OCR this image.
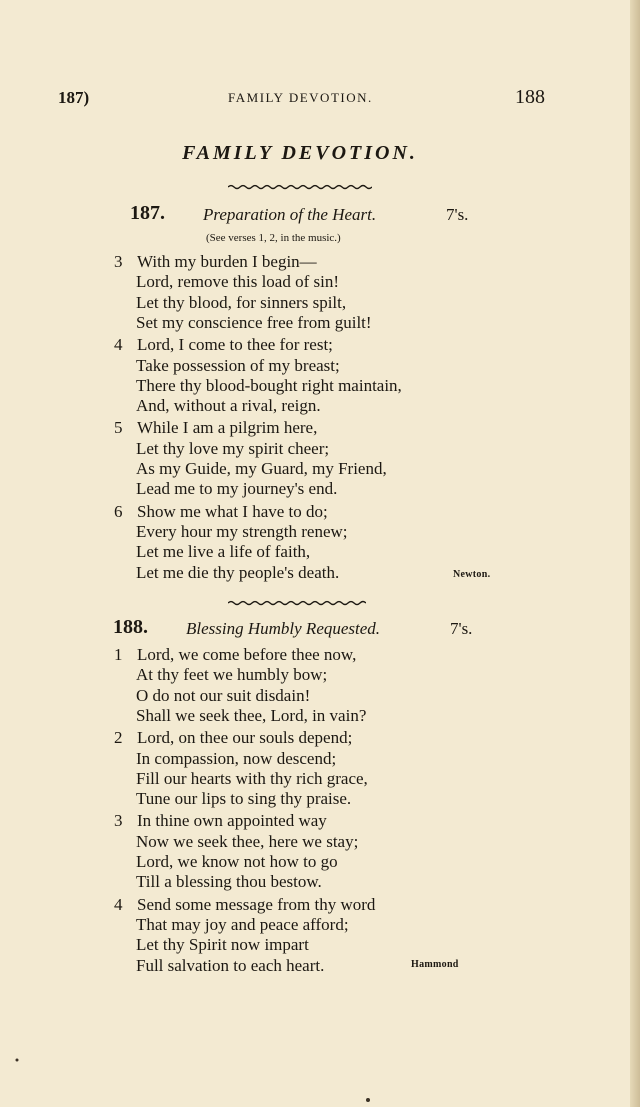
187)	FAMILY DEVOTION.	188
FAMILY DEVOTION.
187. Preparation of the Heart.	7's.
(See verses 1, 2, in the music.)
3 With my burden I begin—
Lord, remove this load of sin!
Let thy blood, for sinners spilt,
Set my conscience free from guilt!
4 Lord, I come to thee for rest;
Take possession of my breast;
There thy blood-bought right maintain,
And, without a rival, reign.
5 While I am a pilgrim here,
Let thy love my spirit cheer;
As my Guide, my Guard, my Friend,
Lead me to my journey's end.
6 Show me what I have to do;
Every hour my strength renew;
Let me live a life of faith,
Let me die thy people's death.	Newton.
188. Blessing Humbly Requested.	7's.
1 Lord, we come before thee now,
At thy feet we humbly bow;
O do not our suit disdain!
Shall we seek thee, Lord, in vain?
2 Lord, on thee our souls depend;
In compassion, now descend;
Fill our hearts with thy rich grace,
Tune our lips to sing thy praise.
3 In thine own appointed way
Now we seek thee, here we stay;
Lord, we know not how to go
Till a blessing thou bestow.
4 Send some message from thy word
That may joy and peace afford;
Let thy Spirit now impart
Full salvation to each heart.	Hammond
